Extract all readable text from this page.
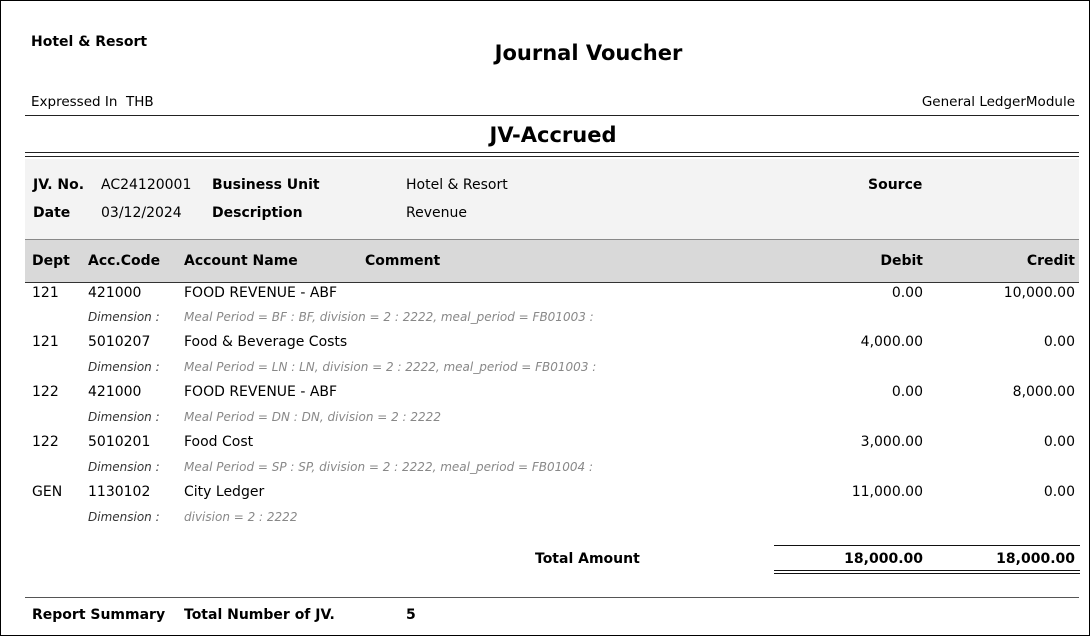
Hotel & Resort	Journal Voucher
Expressed In  THB	General LedgerModule
JV-Accrued
JV. No. AC24120001 Business Unit	Hotel & Resort	Source
Date 03/12/2024 Description	Revenue
Dept Acc.Code Account Name	Comment	Debit	Credit
121 421000	FOOD REVENUE - ABF	0.00	10,000.00
Dimension : Meal Period = BF : BF, division = 2 : 2222, meal_period = FB01003 :
121 5010207 Food & Beverage Costs	4,000.00	0.00
Dimension : Meal Period = LN : LN, division = 2 : 2222, meal_period = FB01003 :
122 421000	FOOD REVENUE - ABF	0.00	8,000.00
Dimension : Meal Period = DN : DN, division = 2 : 2222
122 5010201 Food Cost	3,000.00	0.00
Dimension : Meal Period = SP : SP, division = 2 : 2222, meal_period = FB01004 :
GEN 1130102 City Ledger	11,000.00	0.00
Dimension : division = 2 : 2222
Total Amount	18,000.00	18,000.00
Report Summary Total Number of JV.	5
